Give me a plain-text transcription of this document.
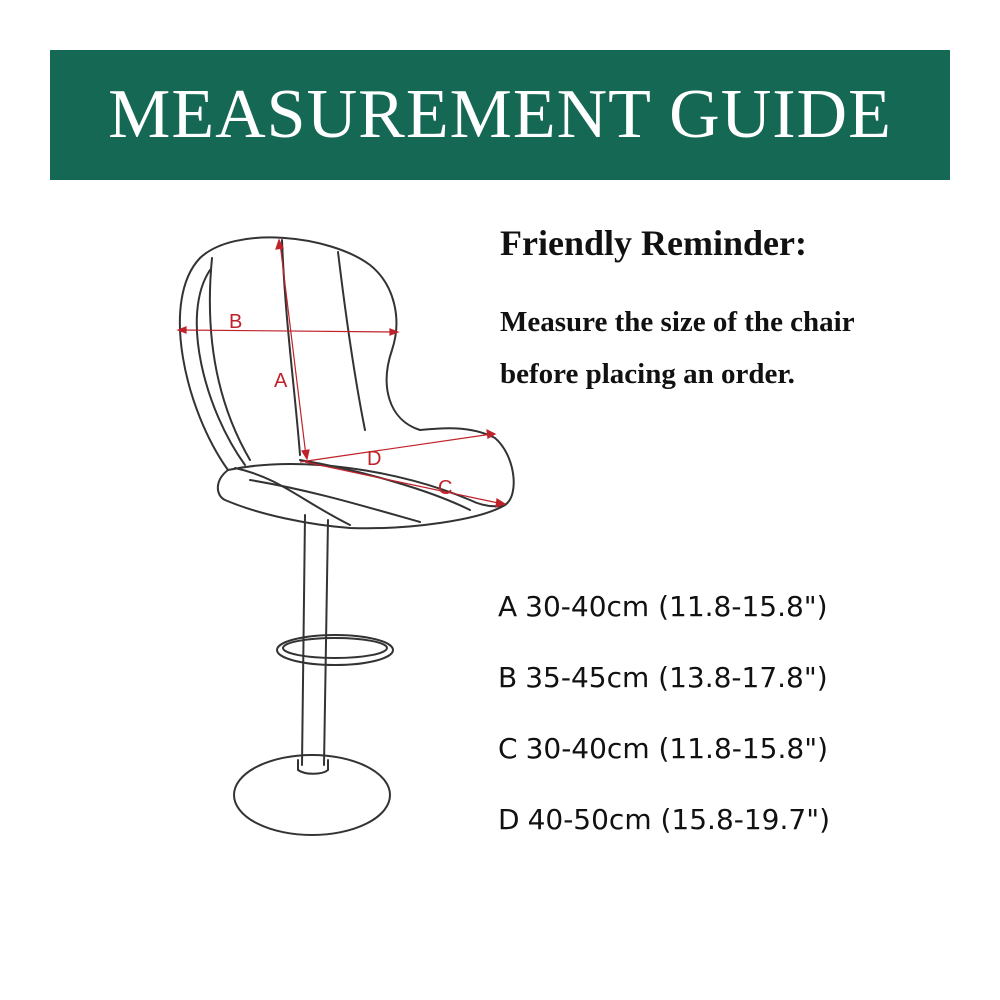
MEASUREMENT GUIDE
B
A
D
C
Friendly Reminder:
Measure the size of the chair
before placing an order.
A 30-40cm (11.8-15.8")
B 35-45cm (13.8-17.8")
C 30-40cm (11.8-15.8")
D 40-50cm (15.8-19.7")
